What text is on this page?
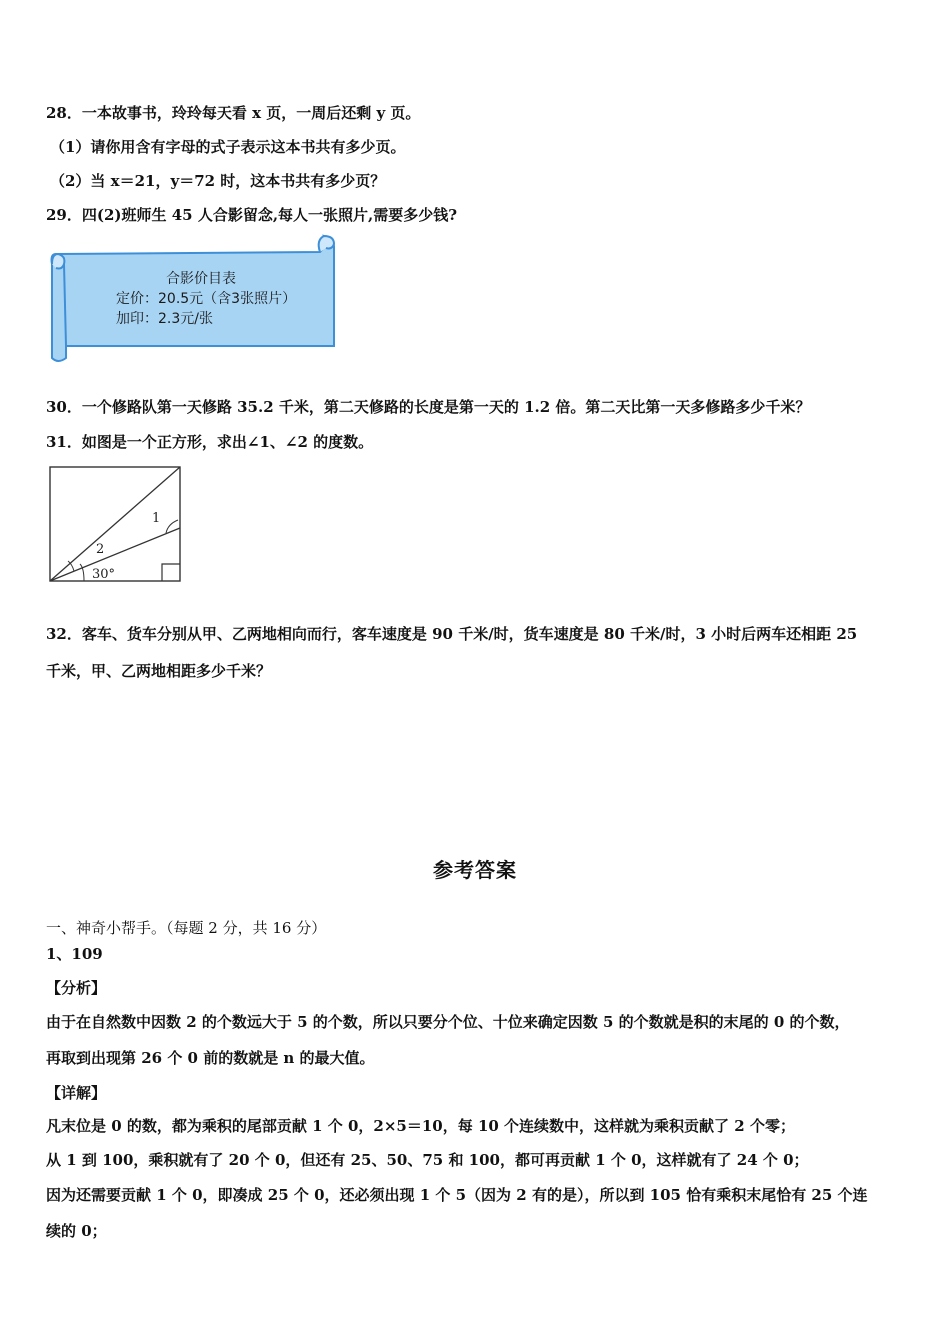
28．一本故事书，玲玲每天看 x 页，一周后还剩 y 页。
（1）请你用含有字母的式子表示这本书共有多少页。
（2）当 x＝21，y＝72 时，这本书共有多少页？
29．四(2)班师生 45 人合影留念,每人一张照片,需要多少钱?
合影价目表
定价：20.5元（含3张照片）
加印：2.3元/张
30．一个修路队第一天修路 35.2 千米，第二天修路的长度是第一天的 1.2 倍。第二天比第一天多修路多少千米？
31．如图是一个正方形，求出∠1、∠2 的度数。
1
2
30°
32．客车、货车分别从甲、乙两地相向而行，客车速度是 90 千米/时，货车速度是 80 千米/时，3 小时后两车还相距 25
千米，甲、乙两地相距多少千米？
参考答案
一、神奇小帮手。（每题 2 分，共 16 分）
1、109
【分析】
由于在自然数中因数 2 的个数远大于 5 的个数，所以只要分个位、十位来确定因数 5 的个数就是积的末尾的 0 的个数，
再取到出现第 26 个 0 前的数就是 n 的最大值。
【详解】
凡末位是 0 的数，都为乘积的尾部贡献 1 个 0，2×5＝10，每 10 个连续数中，这样就为乘积贡献了 2 个零；
从 1 到 100，乘积就有了 20 个 0，但还有 25、50、75 和 100，都可再贡献 1 个 0，这样就有了 24 个 0；
因为还需要贡献 1 个 0，即凑成 25 个 0，还必须出现 1 个 5（因为 2 有的是），所以到 105 恰有乘积末尾恰有 25 个连
续的 0；
